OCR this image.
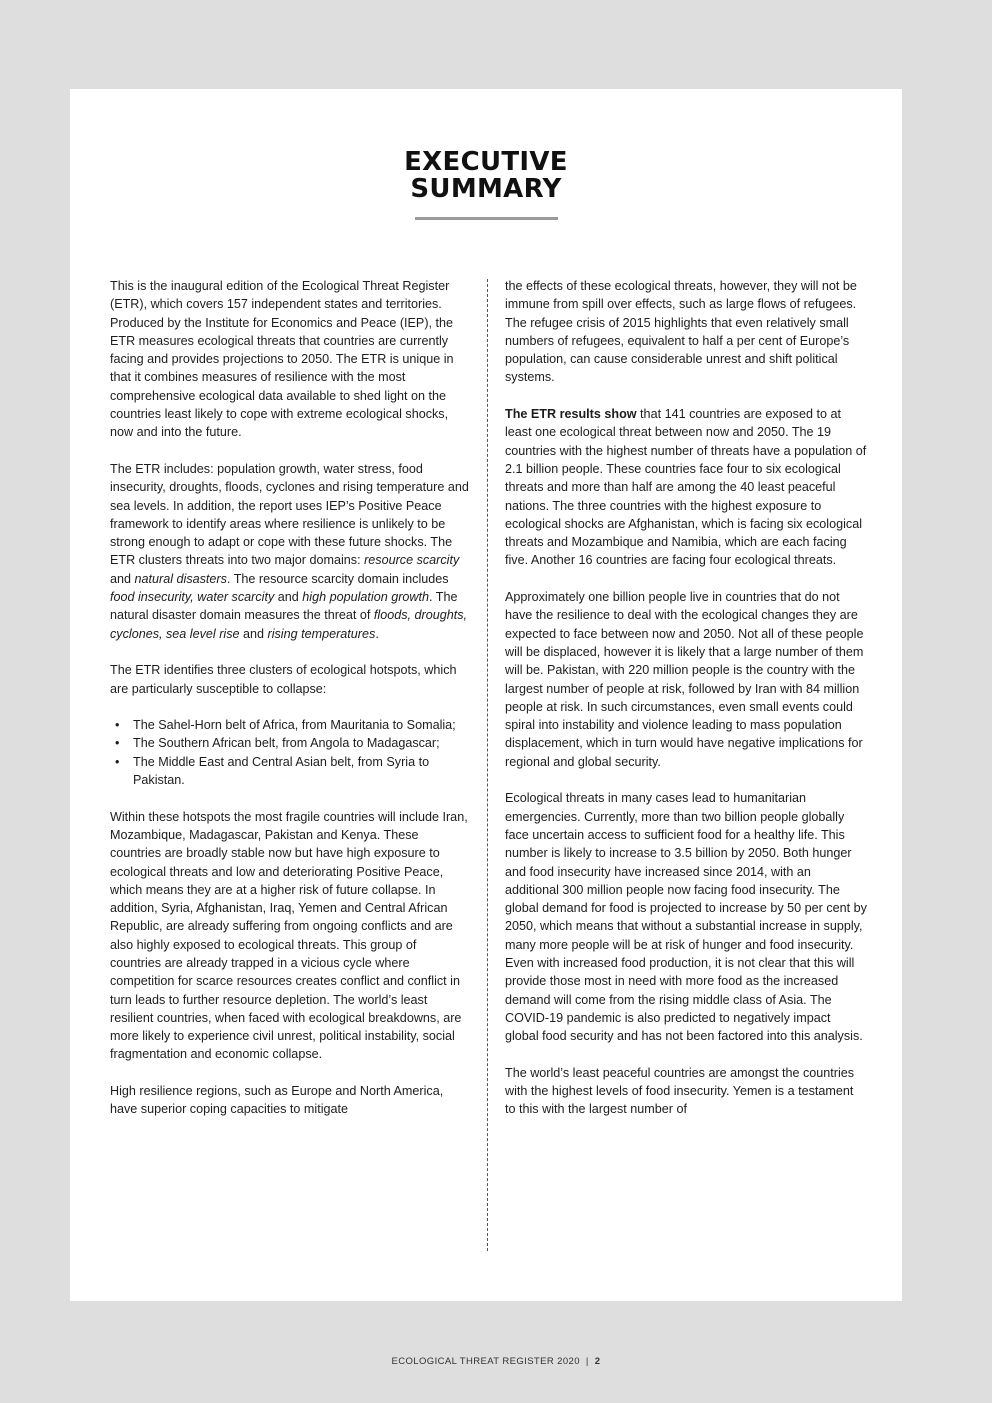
EXECUTIVE
SUMMARY

This is the inaugural edition of the Ecological Threat Register (ETR), which covers 157 independent states and territories. Produced by the Institute for Economics and Peace (IEP), the ETR measures ecological threats that countries are currently facing and provides projections to 2050. The ETR is unique in that it combines measures of resilience with the most comprehensive ecological data available to shed light on the countries least likely to cope with extreme ecological shocks, now and into the future.

The ETR includes: population growth, water stress, food insecurity, droughts, floods, cyclones and rising temperature and sea levels. In addition, the report uses IEP’s Positive Peace framework to identify areas where resilience is unlikely to be strong enough to adapt or cope with these future shocks. The ETR clusters threats into two major domains: resource scarcity and natural disasters. The resource scarcity domain includes food insecurity, water scarcity and high population growth. The natural disaster domain measures the threat of floods, droughts, cyclones, sea level rise and rising temperatures.

The ETR identifies three clusters of ecological hotspots, which are particularly susceptible to collapse:

• The Sahel-Horn belt of Africa, from Mauritania to Somalia;
• The Southern African belt, from Angola to Madagascar;
• The Middle East and Central Asian belt, from Syria to Pakistan.

Within these hotspots the most fragile countries will include Iran, Mozambique, Madagascar, Pakistan and Kenya. These countries are broadly stable now but have high exposure to ecological threats and low and deteriorating Positive Peace, which means they are at a higher risk of future collapse. In addition, Syria, Afghanistan, Iraq, Yemen and Central African Republic, are already suffering from ongoing conflicts and are also highly exposed to ecological threats. This group of countries are already trapped in a vicious cycle where competition for scarce resources creates conflict and conflict in turn leads to further resource depletion. The world’s least resilient countries, when faced with ecological breakdowns, are more likely to experience civil unrest, political instability, social fragmentation and economic collapse.

High resilience regions, such as Europe and North America, have superior coping capacities to mitigate

the effects of these ecological threats, however, they will not be immune from spill over effects, such as large flows of refugees. The refugee crisis of 2015 highlights that even relatively small numbers of refugees, equivalent to half a per cent of Europe’s population, can cause considerable unrest and shift political systems.

The ETR results show that 141 countries are exposed to at least one ecological threat between now and 2050. The 19 countries with the highest number of threats have a population of 2.1 billion people. These countries face four to six ecological threats and more than half are among the 40 least peaceful nations. The three countries with the highest exposure to ecological shocks are Afghanistan, which is facing six ecological threats and Mozambique and Namibia, which are each facing five. Another 16 countries are facing four ecological threats.

Approximately one billion people live in countries that do not have the resilience to deal with the ecological changes they are expected to face between now and 2050. Not all of these people will be displaced, however it is likely that a large number of them will be. Pakistan, with 220 million people is the country with the largest number of people at risk, followed by Iran with 84 million people at risk. In such circumstances, even small events could spiral into instability and violence leading to mass population displacement, which in turn would have negative implications for regional and global security.

Ecological threats in many cases lead to humanitarian emergencies. Currently, more than two billion people globally face uncertain access to sufficient food for a healthy life. This number is likely to increase to 3.5 billion by 2050. Both hunger and food insecurity have increased since 2014, with an additional 300 million people now facing food insecurity. The global demand for food is projected to increase by 50 per cent by 2050, which means that without a substantial increase in supply, many more people will be at risk of hunger and food insecurity. Even with increased food production, it is not clear that this will provide those most in need with more food as the increased demand will come from the rising middle class of Asia. The COVID-19 pandemic is also predicted to negatively impact global food security and has not been factored into this analysis.

The world’s least peaceful countries are amongst the countries with the highest levels of food insecurity. Yemen is a testament to this with the largest number of

ECOLOGICAL THREAT REGISTER 2020 | 2
